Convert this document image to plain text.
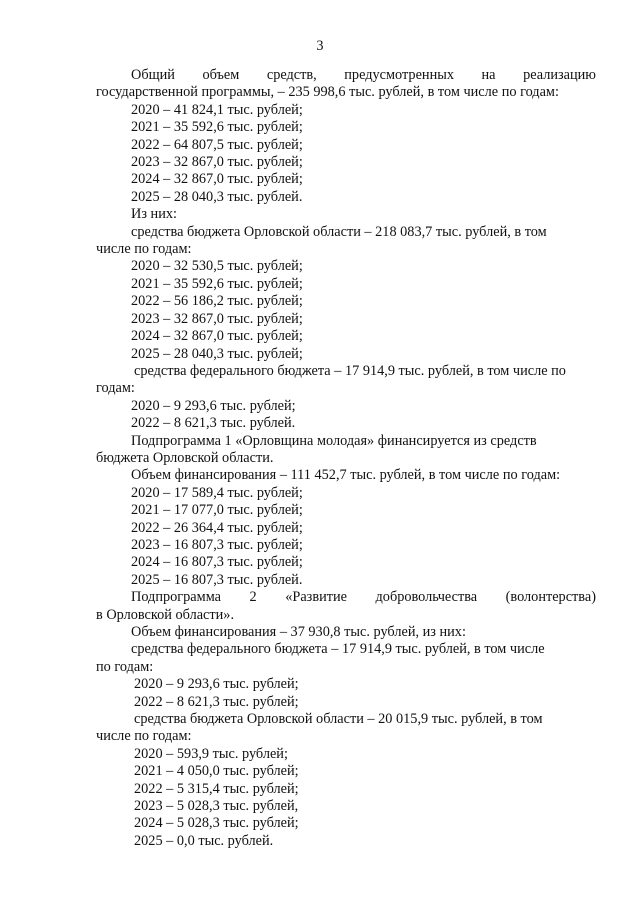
3
Общий объем средств, предусмотренных на реализацию
государственной программы, – 235 998,6 тыс. рублей, в том числе по годам:
2020 – 41 824,1 тыс. рублей;
2021 – 35 592,6 тыс. рублей;
2022 – 64 807,5 тыс. рублей;
2023 – 32 867,0 тыс. рублей;
2024 – 32 867,0 тыс. рублей;
2025 – 28 040,3 тыс. рублей.
Из них:
средства бюджета Орловской области – 218 083,7 тыс. рублей, в том
числе по годам:
2020 – 32 530,5 тыс. рублей;
2021 – 35 592,6 тыс. рублей;
2022 – 56 186,2 тыс. рублей;
2023 – 32 867,0 тыс. рублей;
2024 – 32 867,0 тыс. рублей;
2025 – 28 040,3 тыс. рублей;
средства федерального бюджета – 17 914,9 тыс. рублей, в том числе по
годам:
2020 – 9 293,6 тыс. рублей;
2022 – 8 621,3 тыс. рублей.
Подпрограмма 1 «Орловщина молодая» финансируется из средств
бюджета Орловской области.
Объем финансирования – 111 452,7 тыс. рублей, в том числе по годам:
2020 – 17 589,4 тыс. рублей;
2021 – 17 077,0 тыс. рублей;
2022 – 26 364,4 тыс. рублей;
2023 – 16 807,3 тыс. рублей;
2024 – 16 807,3 тыс. рублей;
2025 – 16 807,3 тыс. рублей.
Подпрограмма 2 «Развитие добровольчества (волонтерства)
в Орловской области».
Объем финансирования – 37 930,8 тыс. рублей, из них:
средства федерального бюджета – 17 914,9 тыс. рублей, в том числе
по годам:
2020 – 9 293,6 тыс. рублей;
2022 – 8 621,3 тыс. рублей;
средства бюджета Орловской области – 20 015,9 тыс. рублей, в том
числе по годам:
2020 – 593,9 тыс. рублей;
2021 – 4 050,0 тыс. рублей;
2022 – 5 315,4 тыс. рублей;
2023 – 5 028,3 тыс. рублей,
2024 – 5 028,3 тыс. рублей;
2025 – 0,0 тыс. рублей.
